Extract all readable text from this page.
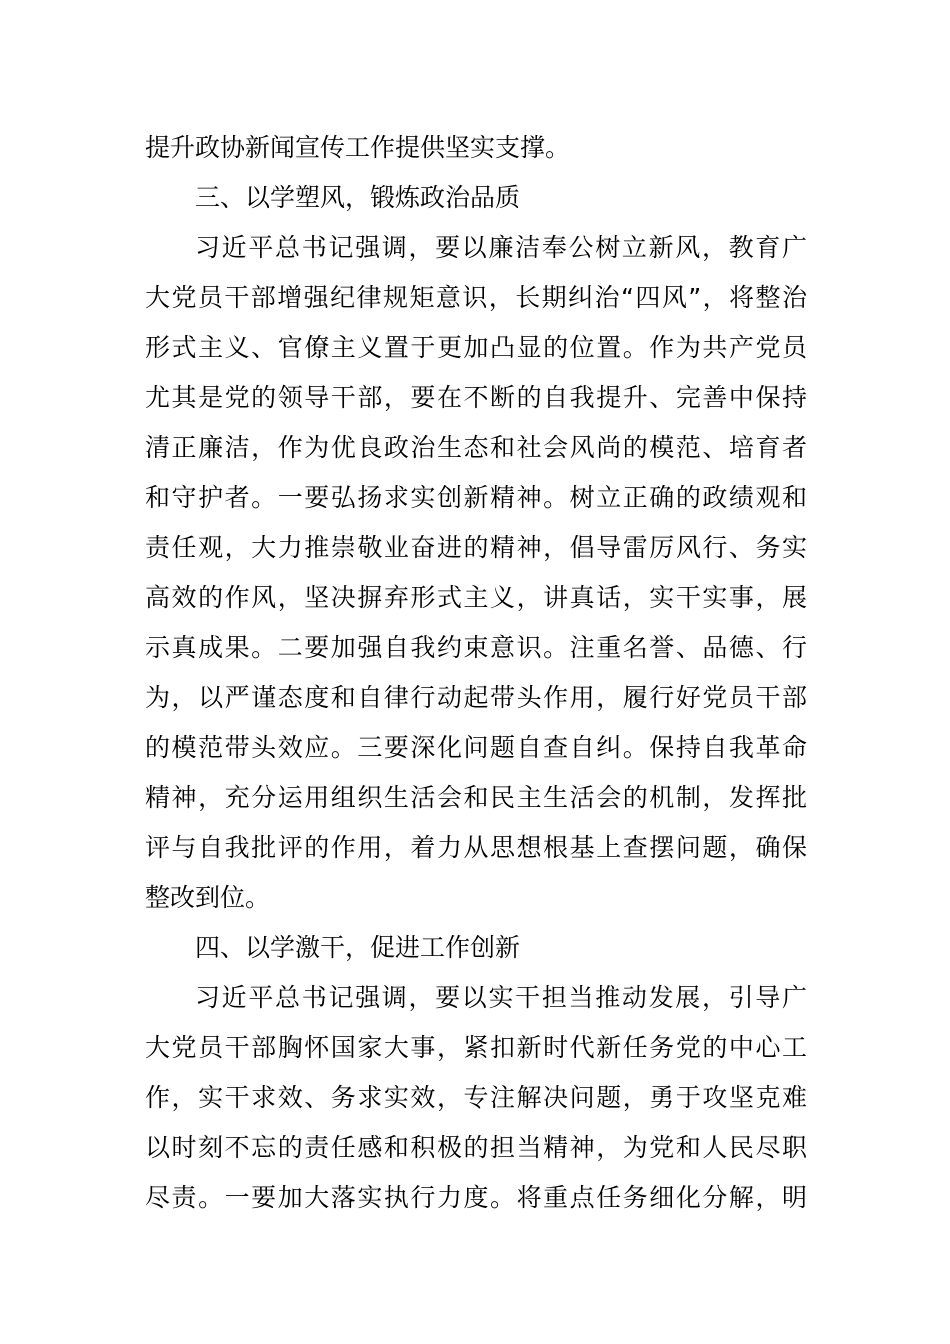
提升政协新闻宣传工作提供坚实支撑。
三、以学塑风，锻炼政治品质
习近平总书记强调，要以廉洁奉公树立新风，教育广
大党员干部增强纪律规矩意识，长期纠治“四风”，将整治
形式主义、官僚主义置于更加凸显的位置。作为共产党员
尤其是党的领导干部，要在不断的自我提升、完善中保持
清正廉洁，作为优良政治生态和社会风尚的模范、培育者
和守护者。一要弘扬求实创新精神。树立正确的政绩观和
责任观，大力推崇敬业奋进的精神，倡导雷厉风行、务实
高效的作风，坚决摒弃形式主义，讲真话，实干实事，展
示真成果。二要加强自我约束意识。注重名誉、品德、行
为，以严谨态度和自律行动起带头作用，履行好党员干部
的模范带头效应。三要深化问题自查自纠。保持自我革命
精神，充分运用组织生活会和民主生活会的机制，发挥批
评与自我批评的作用，着力从思想根基上查摆问题，确保
整改到位。
四、以学激干，促进工作创新
习近平总书记强调，要以实干担当推动发展，引导广
大党员干部胸怀国家大事，紧扣新时代新任务党的中心工
作，实干求效、务求实效，专注解决问题，勇于攻坚克难
以时刻不忘的责任感和积极的担当精神，为党和人民尽职
尽责。一要加大落实执行力度。将重点任务细化分解，明
